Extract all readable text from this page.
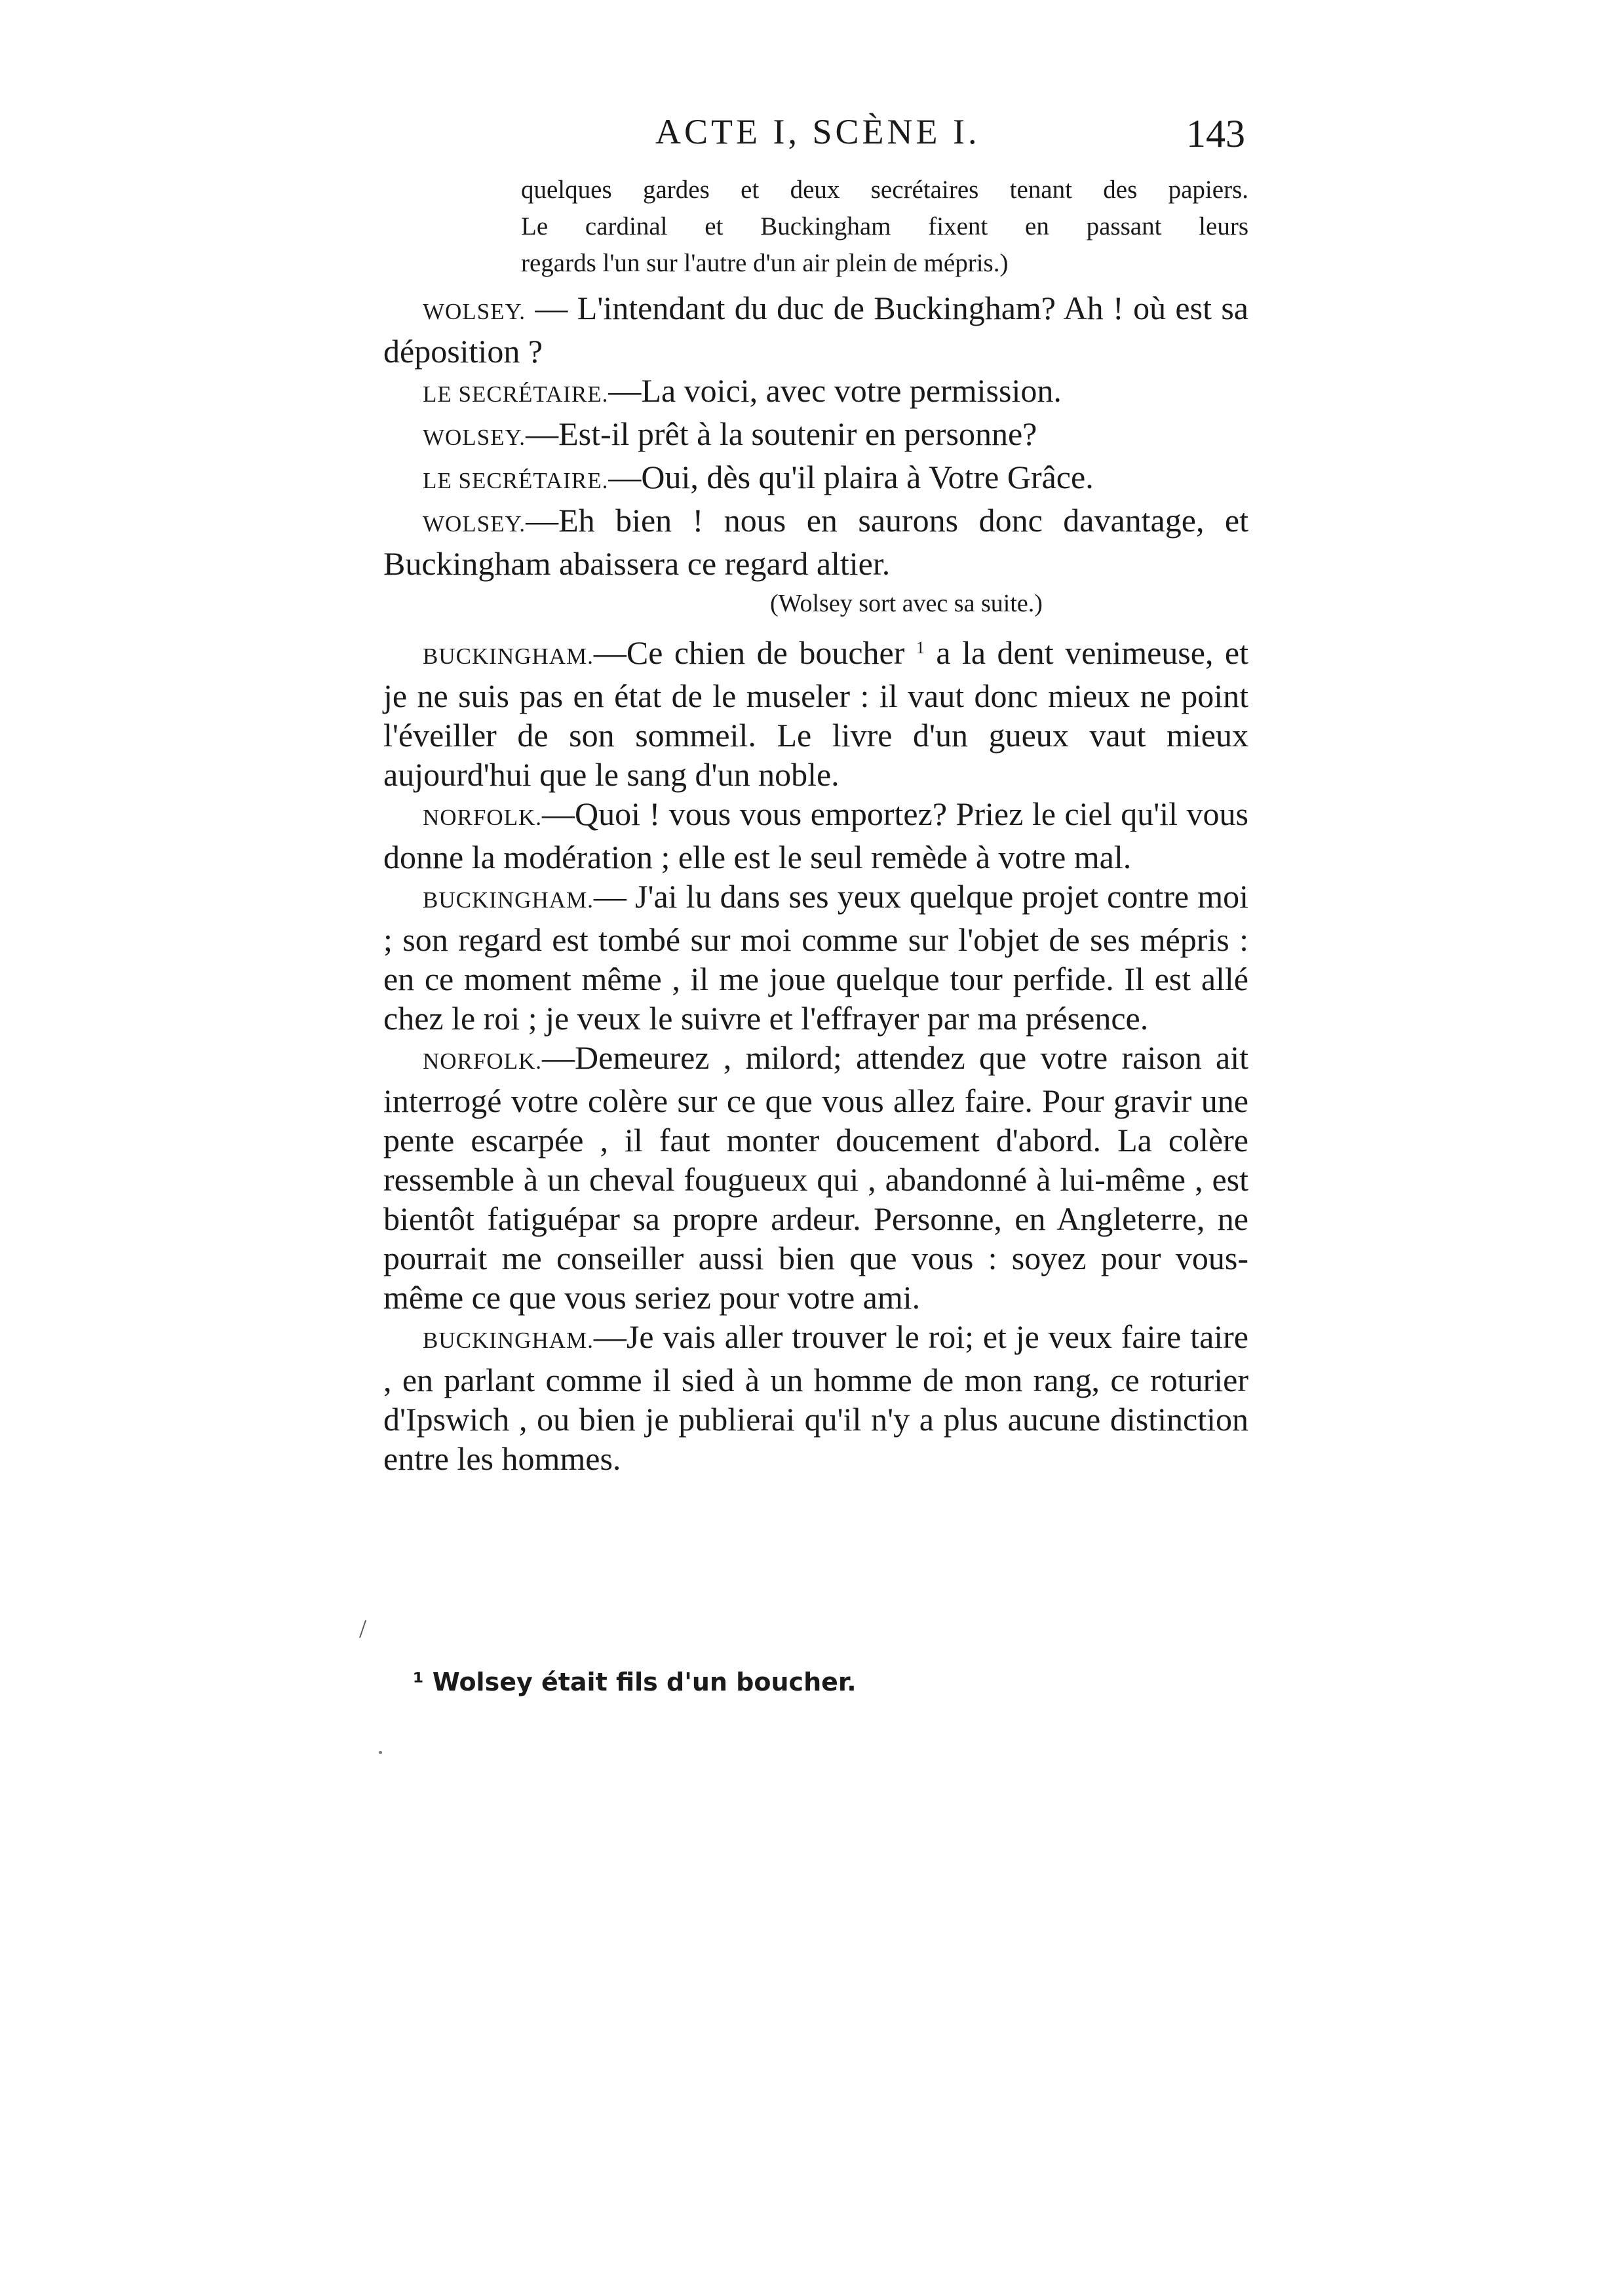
ACTE I, SCÈNE I.	143
quelques gardes et deux secrétaires tenant des papiers.
Le cardinal et Buckingham fixent en passant leurs
regards l'un sur l'autre d'un air plein de mépris.)

WOLSEY. — L'intendant du duc de Buckingham? Ah ! où est sa déposition ?

LE SECRÉTAIRE.—La voici, avec votre permission.

WOLSEY.—Est-il prêt à la soutenir en personne?

LE SECRÉTAIRE.—Oui, dès qu'il plaira à Votre Grâce.

WOLSEY.—Eh bien ! nous en saurons donc davantage, et Buckingham abaissera ce regard altier.

(Wolsey sort avec sa suite.)

BUCKINGHAM.—Ce chien de boucher $^1$ a la dent venimeuse, et je ne suis pas en état de le museler : il vaut donc mieux ne point l'éveiller de son sommeil. Le livre d'un gueux vaut mieux aujourd'hui que le sang d'un noble.

NORFOLK.—Quoi ! vous vous emportez? Priez le ciel qu'il vous donne la modération ; elle est le seul remède à votre mal.

BUCKINGHAM.— J'ai lu dans ses yeux quelque projet contre moi ; son regard est tombé sur moi comme sur l'objet de ses mépris : en ce moment même , il me joue quelque tour perfide. Il est allé chez le roi ; je veux le suivre et l'effrayer par ma présence.

NORFOLK.—Demeurez , milord; attendez que votre raison ait interrogé votre colère sur ce que vous allez faire. Pour gravir une pente escarpée , il faut monter doucement d'abord. La colère ressemble à un cheval fougueux qui , abandonné à lui-même , est bientôt fatiguépar sa propre ardeur. Personne, en Angleterre, ne pourrait me conseiller aussi bien que vous : soyez pour vous-même ce que vous seriez pour votre ami.

BUCKINGHAM.—Je vais aller trouver le roi; et je veux faire taire , en parlant comme il sied à un homme de mon rang, ce roturier d'Ipswich , ou bien je publierai qu'il n'y a plus aucune distinction entre les hommes.

/
¹ Wolsey était fils d'un boucher.
